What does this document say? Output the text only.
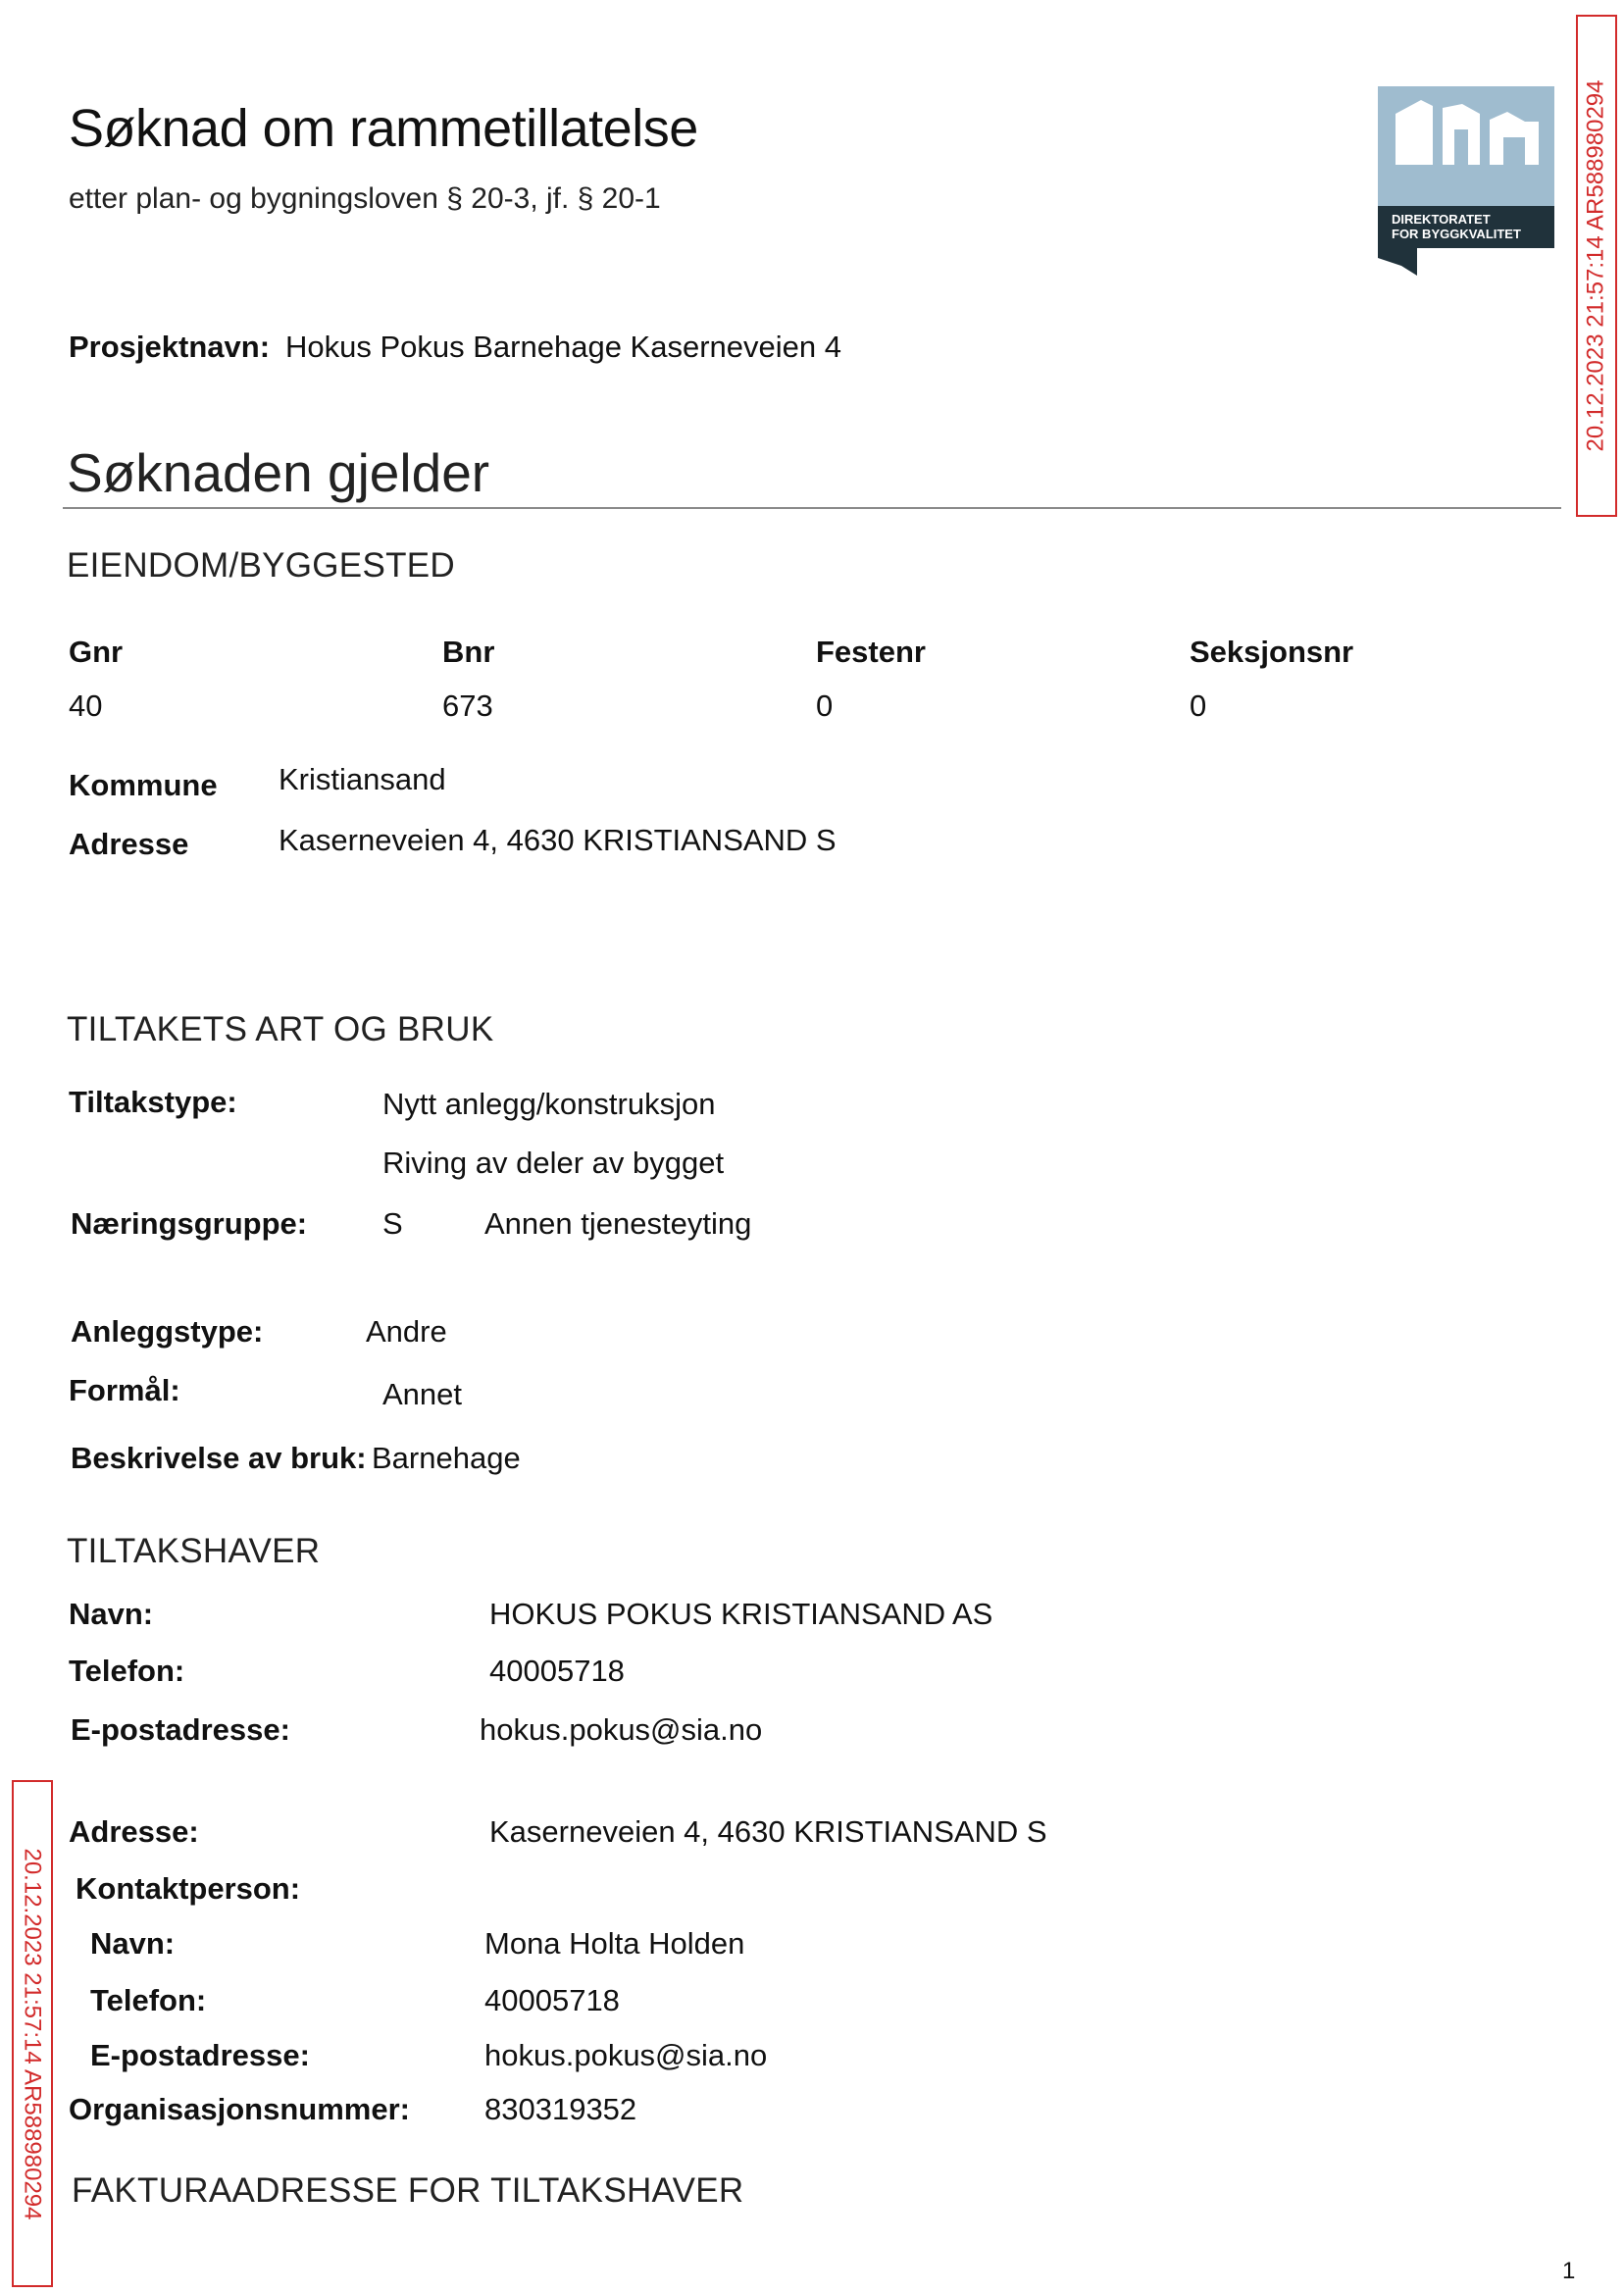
Søknad om rammetillatelse
etter plan- og bygningsloven § 20-3, jf. § 20-1
DIREKTORATET
FOR BYGGKVALITET	20.12.2023 21:57:14 AR588980294
20.12.2023 21:57:14 AR588980294
Prosjektnavn: Hokus Pokus Barnehage Kaserneveien 4
Søknaden gjelder
EIENDOM/BYGGESTED
Gnr	Bnr	Festenr	Seksjonsnr
40	673	0	0
Kommune Kristiansand
Adresse	Kaserneveien 4, 4630 KRISTIANSAND S
TILTAKETS ART OG BRUK
Tiltakstype:	Nytt anlegg/konstruksjon
Riving av deler av bygget
Næringsgruppe: S	Annen tjenesteyting
Anleggstype:	Andre
Formål:	Annet
Beskrivelse av bruk: Barnehage
TILTAKSHAVER
Navn:	HOKUS POKUS KRISTIANSAND AS
Telefon:	40005718
E-postadresse:	hokus.pokus@sia.no
Adresse:	Kaserneveien 4, 4630 KRISTIANSAND S
Kontaktperson:
Navn:	Mona Holta Holden
Telefon:	40005718
E-postadresse:	hokus.pokus@sia.no
Organisasjonsnummer: 830319352
FAKTURAADRESSE FOR TILTAKSHAVER
1
